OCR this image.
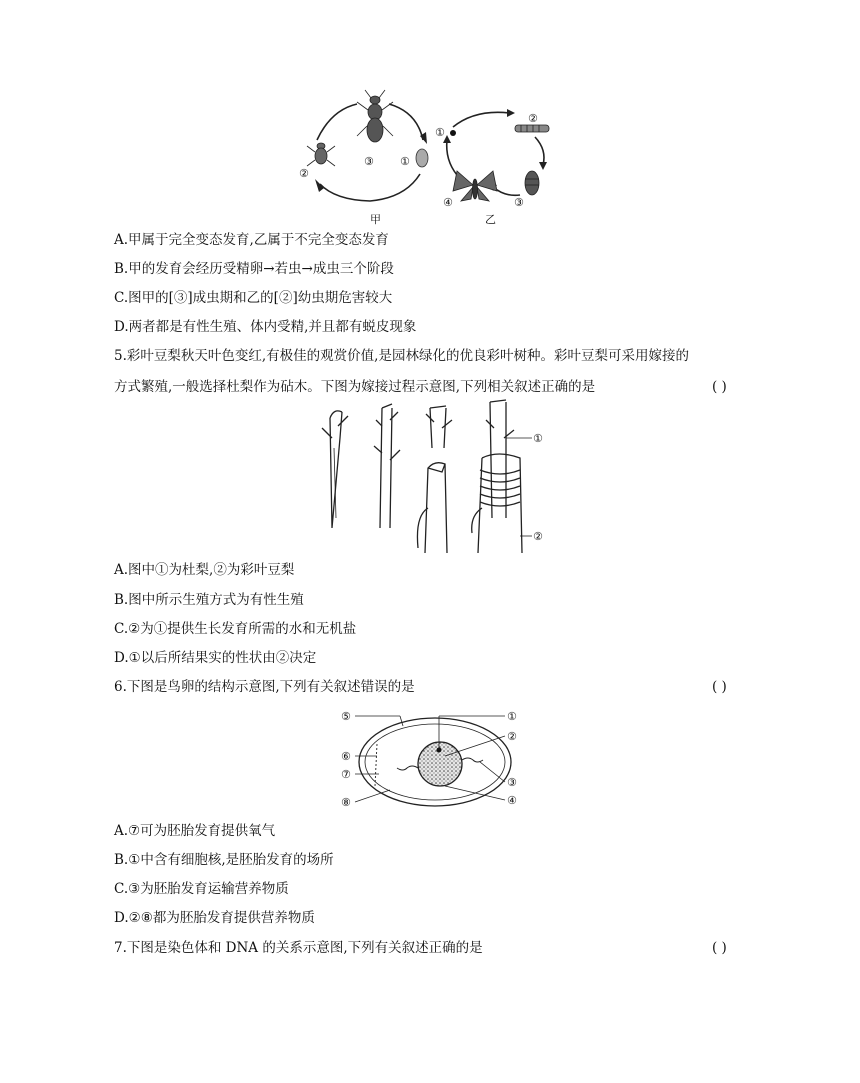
③ ①
②
甲
①
②
③
④
乙
A.甲属于完全变态发育,乙属于不完全变态发育
B.甲的发育会经历受精卵→若虫→成虫三个阶段
C.图甲的[③]成虫期和乙的[②]幼虫期危害较大
D.两者都是有性生殖、体内受精,并且都有蜕皮现象
5.彩叶豆梨秋天叶色变红,有极佳的观赏价值,是园林绿化的优良彩叶树种。彩叶豆梨可采用嫁接的
方式繁殖,一般选择杜梨作为砧木。下图为嫁接过程示意图,下列相关叙述正确的是	( )
①
②
A.图中①为杜梨,②为彩叶豆梨
B.图中所示生殖方式为有性生殖
C.②为①提供生长发育所需的水和无机盐
D.①以后所结果实的性状由②决定
6.下图是鸟卵的结构示意图,下列有关叙述错误的是	( )
①
②
③
④
⑤
⑥
⑦
⑧
A.⑦可为胚胎发育提供氧气
B.①中含有细胞核,是胚胎发育的场所
C.③为胚胎发育运输营养物质
D.②⑧都为胚胎发育提供营养物质
7.下图是染色体和 DNA 的关系示意图,下列有关叙述正确的是	( )
